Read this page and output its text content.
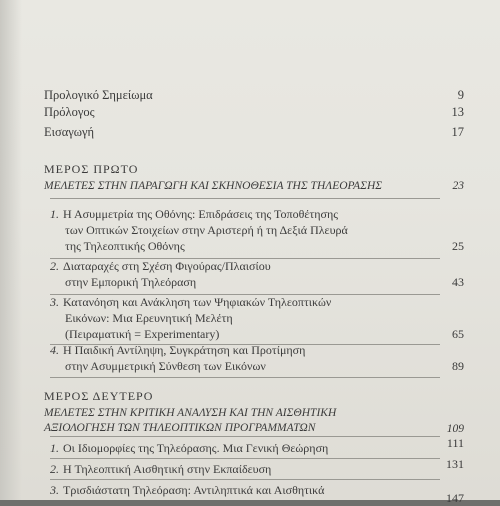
Προλογικό Σημείωμα	9
Πρόλογος	13
Εισαγωγή	17
ΜΕΡΟΣ ΠΡΩΤΟ
ΜΕΛΕΤΕΣ ΣΤΗΝ ΠΑΡΑΓΩΓΗ ΚΑΙ ΣΚΗΝΟΘΕΣΙΑ ΤΗΣ ΤΗΛΕΟΡΑΣΗΣ	23
1. Η Ασυμμετρία της Οθόνης: Επιδράσεις της Τοποθέτησης
των Οπτικών Στοιχείων στην Αριστερή ή τη Δεξιά Πλευρά
της Τηλεοπτικής Οθόνης	25
2. Διαταραχές στη Σχέση Φιγούρας/Πλαισίου
στην Εμπορική Τηλεόραση	43
3. Κατανόηση και Ανάκληση των Ψηφιακών Τηλεοπτικών
Εικόνων: Μια Ερευνητική Μελέτη
(Πειραματική = Experimentary)	65
4. Η Παιδική Αντίληψη, Συγκράτηση και Προτίμηση
στην Ασυμμετρική Σύνθεση των Εικόνων	89
ΜΕΡΟΣ ΔΕΥΤΕΡΟ
ΜΕΛΕΤΕΣ ΣΤΗΝ ΚΡΙΤΙΚΗ ΑΝΑΛΥΣΗ ΚΑΙ ΤΗΝ ΑΙΣΘΗΤΙΚΗ
ΑΞΙΟΛΟΓΗΣΗ ΤΩΝ ΤΗΛΕΟΠΤΙΚΩΝ ΠΡΟΓΡΑΜΜΑΤΩΝ	109
1. Οι Ιδιομορφίες της Τηλεόρασης. Μια Γενική Θεώρηση	111
2. Η Τηλεοπτική Αισθητική στην Εκπαίδευση	131
3. Τρισδιάστατη Τηλεόραση: Αντιληπτικά και Αισθητικά
147
